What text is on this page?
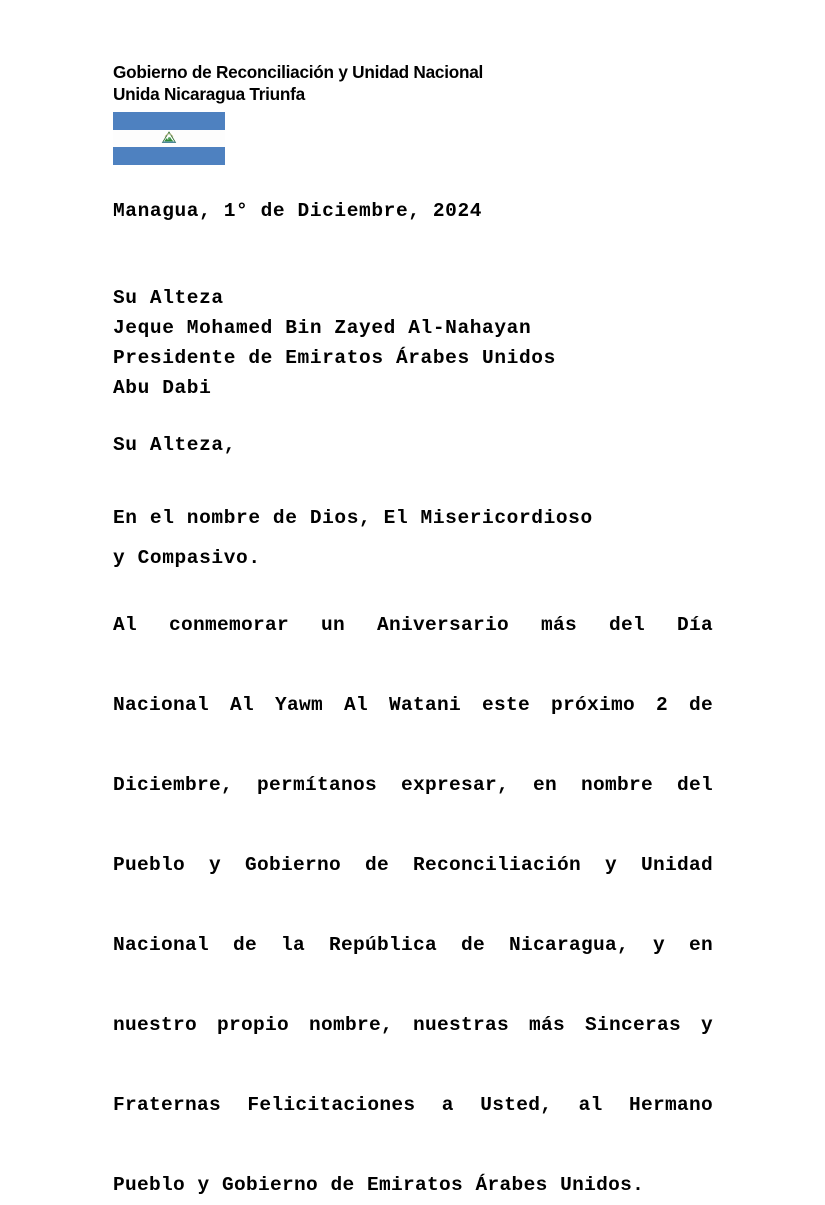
Gobierno de Reconciliación y Unidad Nacional
Unida Nicaragua Triunfa
Managua, 1° de Diciembre, 2024
Su Alteza
Jeque Mohamed Bin Zayed Al-Nahayan
Presidente de Emiratos Árabes Unidos
Abu Dabi
Su Alteza,
En el nombre de Dios, El Misericordioso
y Compasivo.
Al conmemorar un Aniversario más del Día
Nacional Al Yawm Al Watani este próximo 2 de
Diciembre, permítanos expresar, en nombre del
Pueblo y Gobierno de Reconciliación y Unidad
Nacional de la República de Nicaragua, y en
nuestro propio nombre, nuestras más Sinceras y
Fraternas Felicitaciones a Usted, al Hermano
Pueblo y Gobierno de Emiratos Árabes Unidos.
